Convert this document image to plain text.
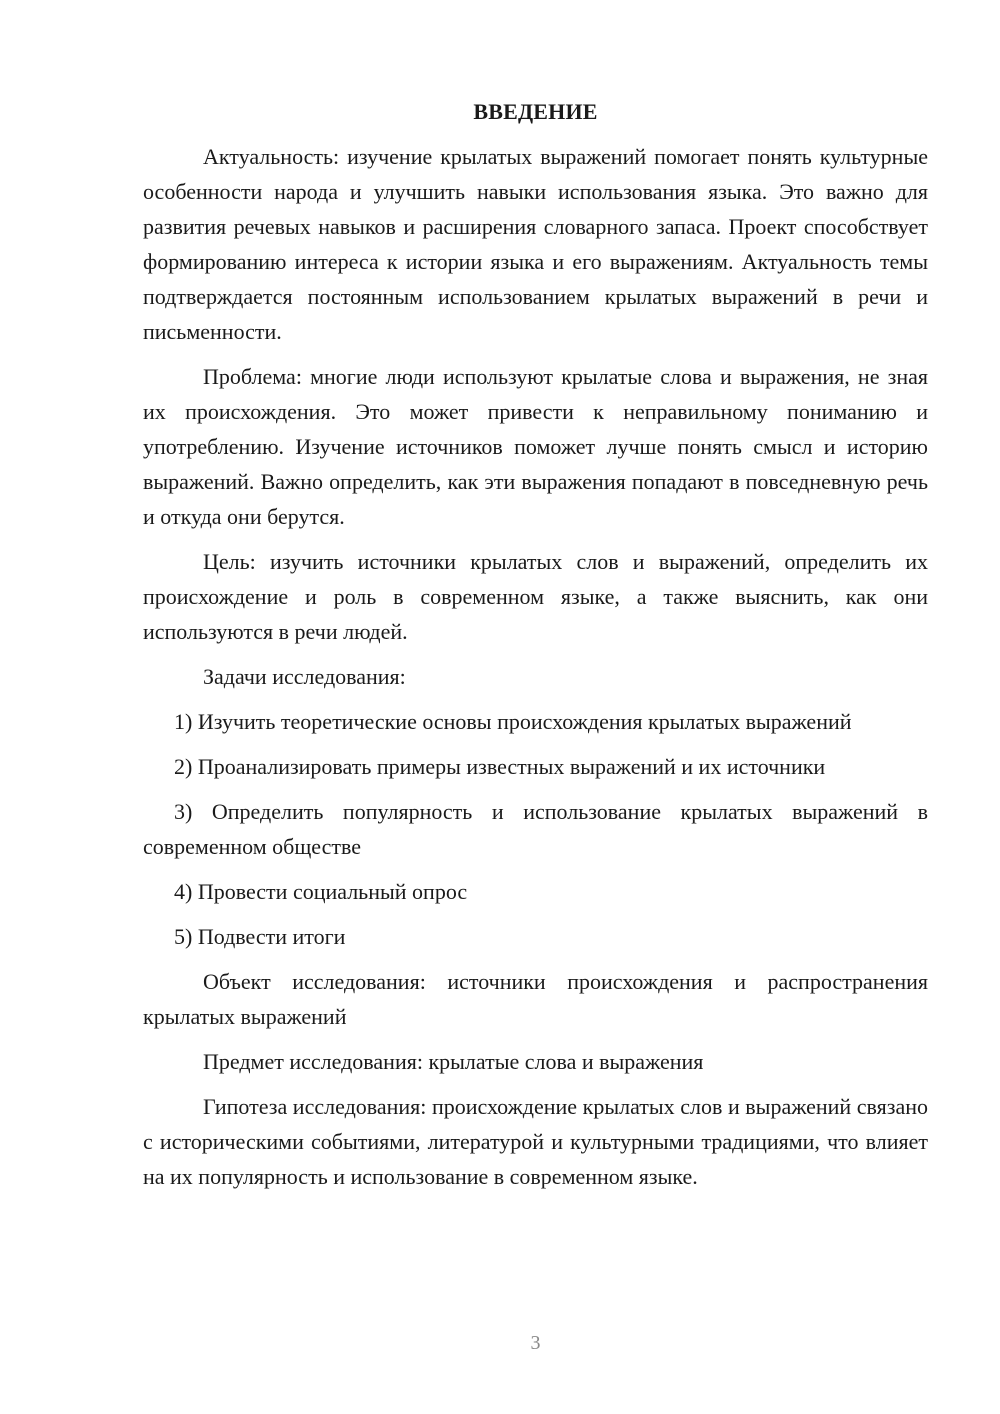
ВВЕДЕНИЕ

Актуальность: изучение крылатых выражений помогает понять культурные особенности народа и улучшить навыки использования языка. Это важно для развития речевых навыков и расширения словарного запаса. Проект способствует формированию интереса к истории языка и его выражениям. Актуальность темы подтверждается постоянным использованием крылатых выражений в речи и письменности.

Проблема: многие люди используют крылатые слова и выражения, не зная их происхождения. Это может привести к неправильному пониманию и употреблению. Изучение источников поможет лучше понять смысл и историю выражений. Важно определить, как эти выражения попадают в повседневную речь и откуда они берутся.

Цель: изучить источники крылатых слов и выражений, определить их происхождение и роль в современном языке, а также выяснить, как они используются в речи людей.

Задачи исследования:

1) Изучить теоретические основы происхождения крылатых выражений

2) Проанализировать примеры известных выражений и их источники

3) Определить популярность и использование крылатых выражений в современном обществе

4) Провести социальный опрос

5) Подвести итоги

Объект исследования: источники происхождения и распространения крылатых выражений

Предмет исследования: крылатые слова и выражения

Гипотеза исследования: происхождение крылатых слов и выражений связано с историческими событиями, литературой и культурными традициями, что влияет на их популярность и использование в современном языке.

3
